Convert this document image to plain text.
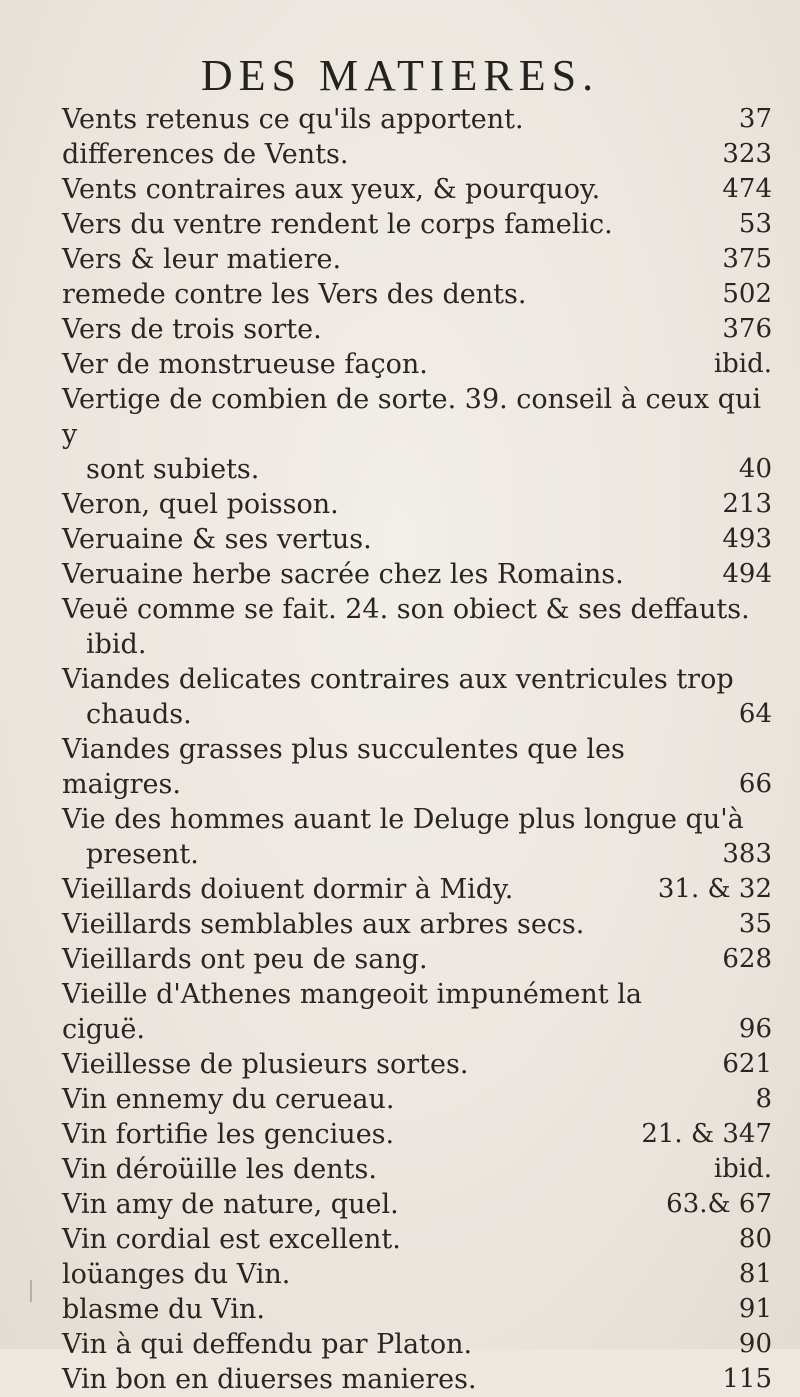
DES MATIERES.
Vents retenus ce qu'ils apportent.	37
differences de Vents.	323
Vents contraires aux yeux, & pourquoy.	474
Vers du ventre rendent le corps famelic.	53
Vers & leur matiere.	375
remede contre les Vers des dents.	502
Vers de trois sorte.	376
Ver de monstrueuse façon.	ibid.
Vertige de combien de sorte. 39. conseil à ceux qui y
sont subiets.	40
Veron, quel poisson.	213
Veruaine & ses vertus.	493
Veruaine herbe sacrée chez les Romains.	494
Veuë comme se fait. 24. son obiect & ses deffauts.
ibid.
Viandes delicates contraires aux ventricules trop
chauds.	64
Viandes grasses plus succulentes que les maigres.	66
Vie des hommes auant le Deluge plus longue qu'à
present.	383
Vieillards doiuent dormir à Midy.	31. & 32
Vieillards semblables aux arbres secs.	35
Vieillards ont peu de sang.	628
Vieille d'Athenes mangeoit impunément la ciguë.	96
Vieillesse de plusieurs sortes.	621
Vin ennemy du cerueau.	8
Vin fortifie les genciues.	21. & 347
Vin déroüille les dents.	ibid.
Vin amy de nature, quel.	63.& 67
Vin cordial est excellent.	80
loüanges du Vin.	81
blasme du Vin.	91
Vin à qui deffendu par Platon.	90
Vin bon en diuerses manieres.	115
